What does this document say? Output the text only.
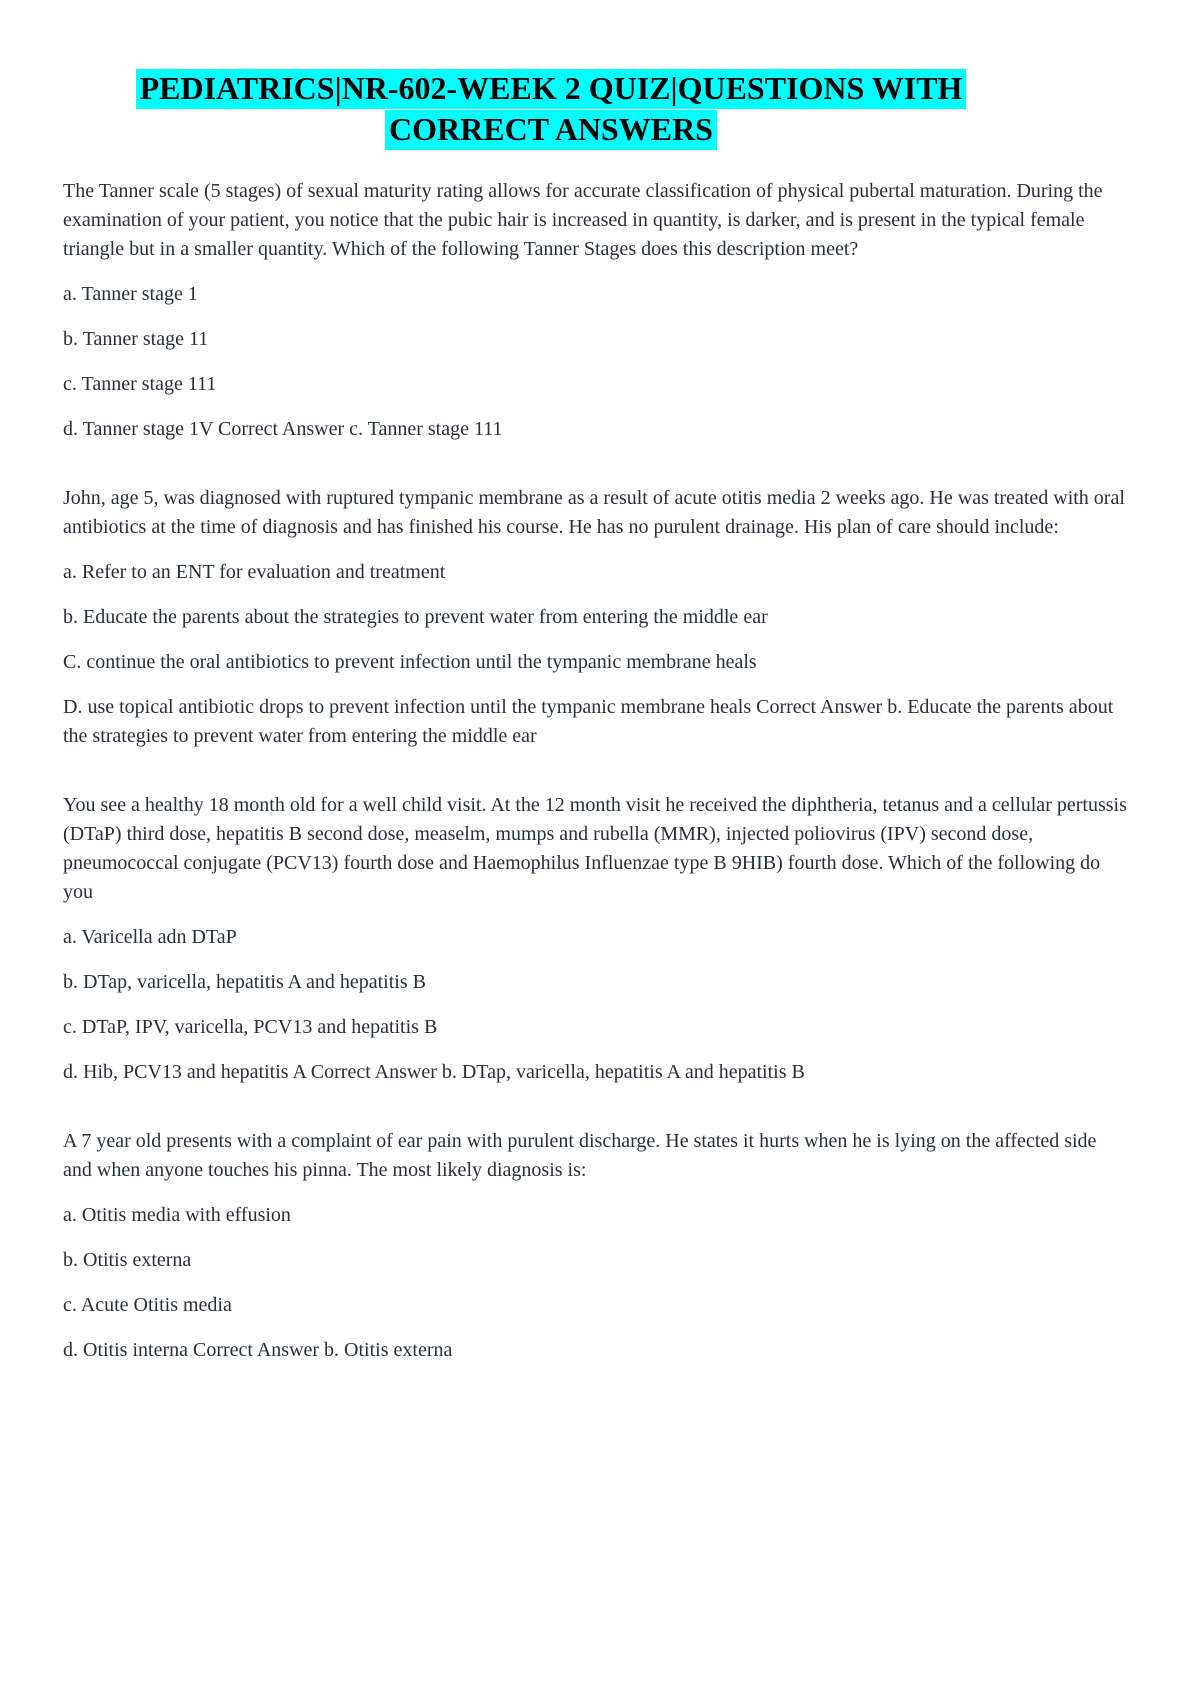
PEDIATRICS|NR-602-WEEK 2 QUIZ|QUESTIONS WITH
CORRECT ANSWERS

The Tanner scale (5 stages) of sexual maturity rating allows for accurate classification of physical pubertal maturation. During the examination of your patient, you notice that the pubic hair is increased in quantity, is darker, and is present in the typical female triangle but in a smaller quantity. Which of the following Tanner Stages does this description meet?

a. Tanner stage 1

b. Tanner stage 11

c. Tanner stage 111

d. Tanner stage 1V Correct Answer c. Tanner stage 111

John, age 5, was diagnosed with ruptured tympanic membrane as a result of acute otitis media 2 weeks ago. He was treated with oral antibiotics at the time of diagnosis and has finished his course. He has no purulent drainage. His plan of care should include:

a. Refer to an ENT for evaluation and treatment

b. Educate the parents about the strategies to prevent water from entering the middle ear

C. continue the oral antibiotics to prevent infection until the tympanic membrane heals

D. use topical antibiotic drops to prevent infection until the tympanic membrane heals Correct Answer b. Educate the parents about the strategies to prevent water from entering the middle ear

You see a healthy 18 month old for a well child visit. At the 12 month visit he received the diphtheria, tetanus and a cellular pertussis (DTaP) third dose, hepatitis B second dose, measelm, mumps and rubella (MMR), injected poliovirus (IPV) second dose, pneumococcal conjugate (PCV13) fourth dose and Haemophilus Influenzae type B 9HIB) fourth dose. Which of the following do you

a. Varicella adn DTaP

b. DTap, varicella, hepatitis A and hepatitis B

c. DTaP, IPV, varicella, PCV13 and hepatitis B

d. Hib, PCV13 and hepatitis A Correct Answer b. DTap, varicella, hepatitis A and hepatitis B

A 7 year old presents with a complaint of ear pain with purulent discharge. He states it hurts when he is lying on the affected side and when anyone touches his pinna. The most likely diagnosis is:

a. Otitis media with effusion

b. Otitis externa

c. Acute Otitis media

d. Otitis interna Correct Answer b. Otitis externa
